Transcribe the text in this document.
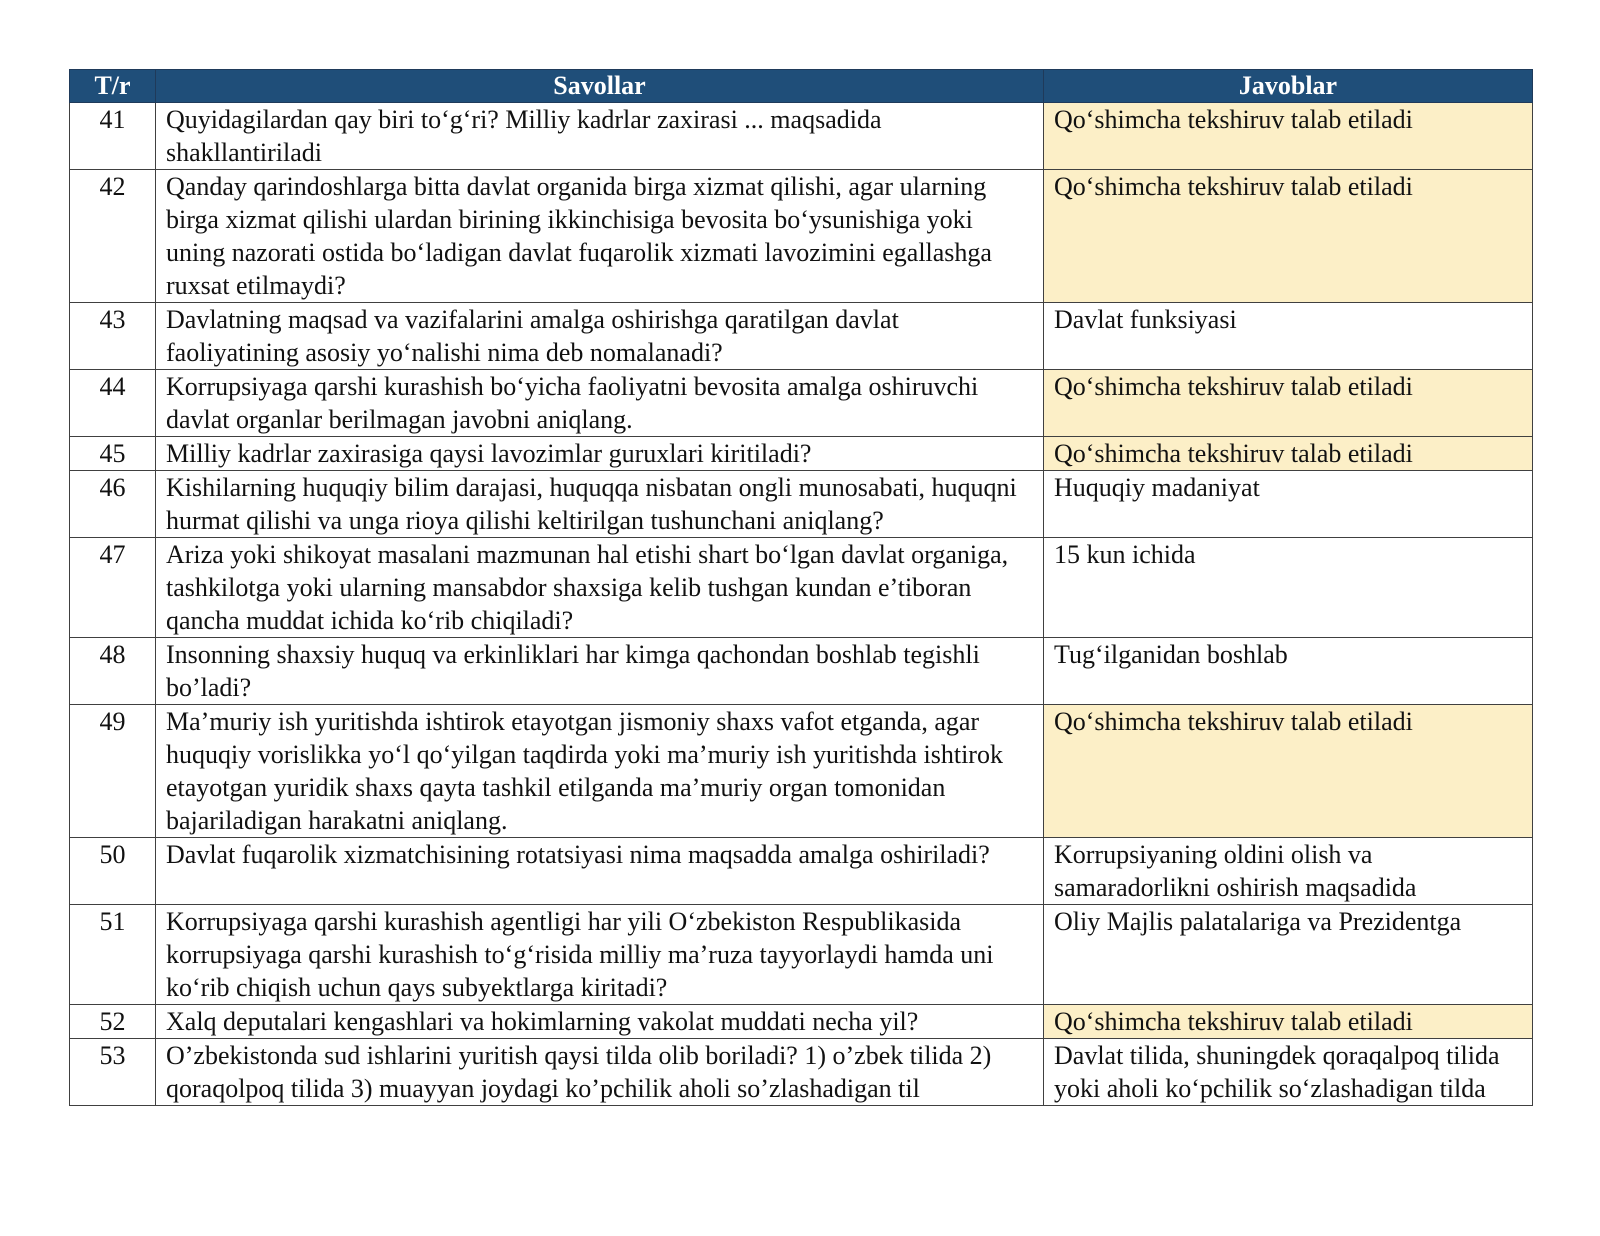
T/r	Savollar	Javoblar
41	Quyidagilardan qay biri to‘g‘ri? Milliy kadrlar zaxirasi ... maqsadida shakllantiriladi	Qo‘shimcha tekshiruv talab etiladi
42	Qanday qarindoshlarga bitta davlat organida birga xizmat qilishi, agar ularning birga xizmat qilishi ulardan birining ikkinchisiga bevosita bo‘ysunishiga yoki uning nazorati ostida bo‘ladigan davlat fuqarolik xizmati lavozimini egallashga ruxsat etilmaydi?	Qo‘shimcha tekshiruv talab etiladi
43	Davlatning maqsad va vazifalarini amalga oshirishga qaratilgan davlat faoliyatining asosiy yo‘nalishi nima deb nomalanadi?	Davlat funksiyasi
44	Korrupsiyaga qarshi kurashish bo‘yicha faoliyatni bevosita amalga oshiruvchi davlat organlar berilmagan javobni aniqlang.	Qo‘shimcha tekshiruv talab etiladi
45	Milliy kadrlar zaxirasiga qaysi lavozimlar guruxlari kiritiladi?	Qo‘shimcha tekshiruv talab etiladi
46	Kishilarning huquqiy bilim darajasi, huquqqa nisbatan ongli munosabati, huquqni hurmat qilishi va unga rioya qilishi keltirilgan tushunchani aniqlang?	Huquqiy madaniyat
47	Ariza yoki shikoyat masalani mazmunan hal etishi shart bo‘lgan davlat organiga, tashkilotga yoki ularning mansabdor shaxsiga kelib tushgan kundan e’tiboran qancha muddat ichida ko‘rib chiqiladi?	15 kun ichida
48	Insonning shaxsiy huquq va erkinliklari har kimga qachondan boshlab tegishli bo’ladi?	Tug‘ilganidan boshlab
49	Ma’muriy ish yuritishda ishtirok etayotgan jismoniy shaxs vafot etganda, agar huquqiy vorislikka yo‘l qo‘yilgan taqdirda yoki ma’muriy ish yuritishda ishtirok etayotgan yuridik shaxs qayta tashkil etilganda ma’muriy organ tomonidan bajariladigan harakatni aniqlang.	Qo‘shimcha tekshiruv talab etiladi
50	Davlat fuqarolik xizmatchisining rotatsiyasi nima maqsadda amalga oshiriladi?	Korrupsiyaning oldini olish va samaradorlikni oshirish maqsadida
51	Korrupsiyaga qarshi kurashish agentligi har yili O‘zbekiston Respublikasida korrupsiyaga qarshi kurashish to‘g‘risida milliy ma’ruza tayyorlaydi hamda uni ko‘rib chiqish uchun qays subyektlarga kiritadi?	Oliy Majlis palatalariga va Prezidentga
52	Xalq deputalari kengashlari va hokimlarning vakolat muddati necha yil?	Qo‘shimcha tekshiruv talab etiladi
53	O’zbekistonda sud ishlarini yuritish qaysi tilda olib boriladi? 1) o’zbek tilida 2) qoraqolpoq tilida 3) muayyan joydagi ko’pchilik aholi so’zlashadigan til	Davlat tilida, shuningdek qoraqalpoq tilida yoki aholi ko‘pchilik so‘zlashadigan tilda
